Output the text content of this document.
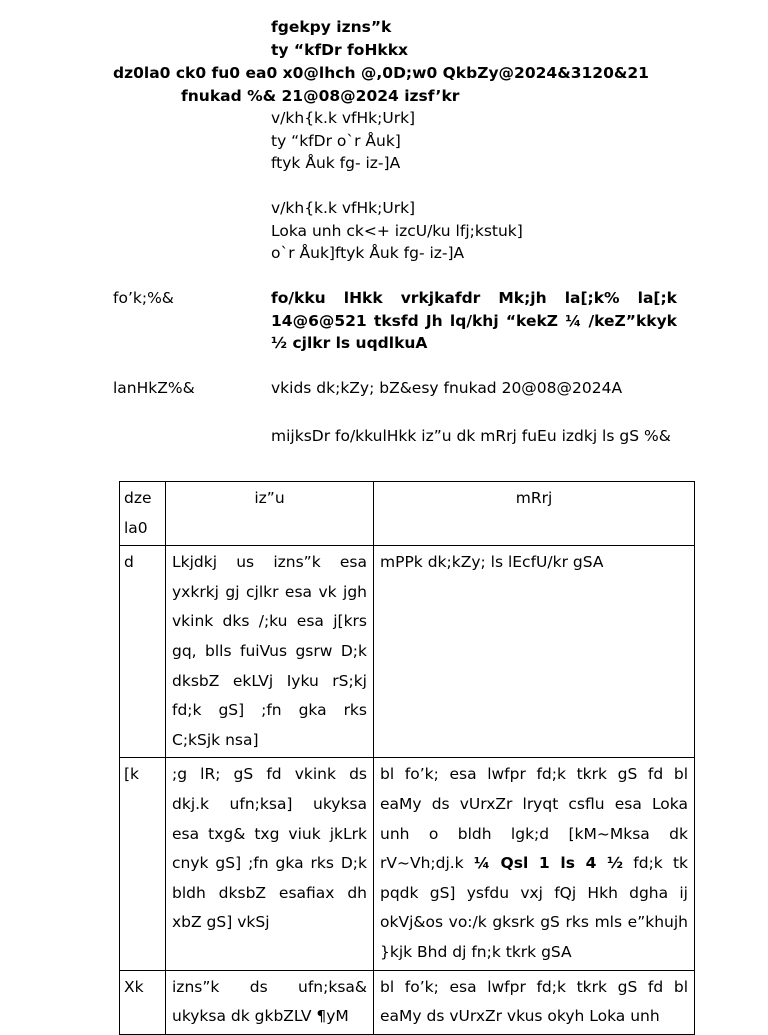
fgekpy izns”k
ty “kfDr foHkkx
dz0la0 ck0 fu0 ea0 x0@lhch @,0D;w0 QkbZy@2024&3120&21
fnukad %& 21@08@2024 izsf’kr
v/kh{k.k vfHk;Urk]
ty “kfDr o`r Åuk]
ftyk Åuk fg- iz-]A
v/kh{k.k vfHk;Urk]
Loka unh ck<+ izcU/ku lfj;kstuk]
o`r Åuk]ftyk Åuk fg- iz-]A
fo’k;%&	fo/kku lHkk vrkjkafdr Mk;jh la[;k% la[;k 14@6@521 tksfd Jh lq/khj “kekZ ¼ /keZ”kkyk ½ cjlkr ls uqdlkuA
lanHkZ%&	vkids dk;kZy; bZ&esy fnukad 20@08@2024A
mijksDr fo/kkulHkk iz”u dk mRrj fuEu izdkj ls gS %&
dze la0	iz”u	mRrj
d	Lkjdkj us izns”k esa yxkrkj gj cjlkr esa vk jgh vkink dks /;ku esa j[krs gq, blls fuiVus gsrw D;k dksbZ ekLVj Iyku rS;kj fd;k gS] ;fn gka rks C;kSjk nsa]	mPPk dk;kZy; ls lEcfU/kr gSA
[k	;g lR; gS fd vkink ds dkj.k ufn;ksa] ukyksa esa txg& txg viuk jkLrk cnyk gS] ;fn gka rks D;k bldh dksbZ esafiax dh xbZ gS] vkSj	bl fo’k; esa lwfpr fd;k tkrk gS fd bl eaMy ds vUrxZr lryqt csflu esa Loka unh o bldh lgk;d [kM~Mksa dk rV~Vh;dj.k ¼ Qsl 1 ls 4 ½ fd;k tk pqdk gS] ysfdu vxj fQj Hkh dgha ij okVj&os vo:/k gksrk gS rks mls e”khujh }kjk Bhd dj fn;k tkrk gSA
Xk	izns”k ds ufn;ksa& ukyksa dk gkbZLV ¶yM	bl fo’k; esa lwfpr fd;k tkrk gS fd bl eaMy ds vUrxZr vkus okyh Loka unh
